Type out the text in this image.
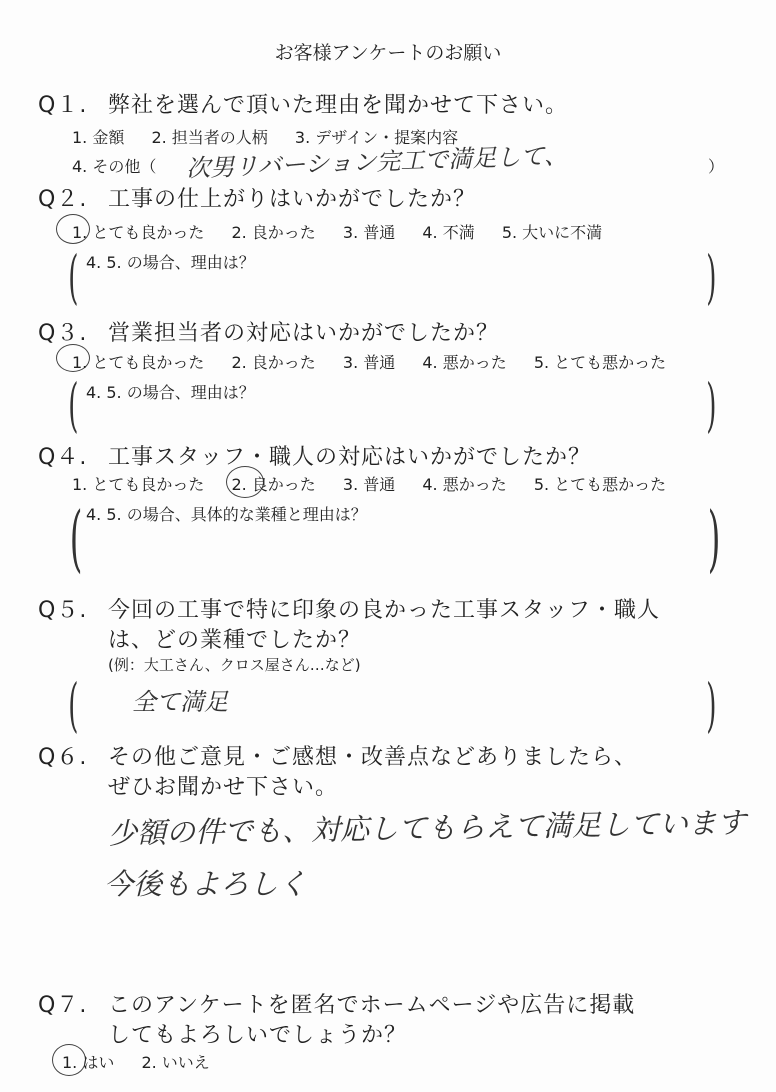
お客様アンケートのお願い
Q１. 弊社を選んで頂いた理由を聞かせて下さい。
1. 金額 2. 担当者の人柄 3. デザイン・提案内容
4. その他（ 次男リバーション完工で満足して、	）
Q２. 工事の仕上がりはいかがでしたか？
1. とても良かった 2. 良かった 3. 普通 4. 不満 5. 大いに不満
( 4. 5. の場合、理由は？	)
Q３. 営業担当者の対応はいかがでしたか？
1. とても良かった 2. 良かった 3. 普通 4. 悪かった 5. とても悪かった
( 4. 5. の場合、理由は？	)
Q４. 工事スタッフ・職人の対応はいかがでしたか？
1. とても良かった 2. 良かった 3. 普通 4. 悪かった 5. とても悪かった
( 4. 5. の場合、具体的な業種と理由は？	)
Q５. 今回の工事で特に印象の良かった工事スタッフ・職人
は、どの業種でしたか？
(例：大工さん、クロス屋さん…など)
( 全て満足	)
Q６. その他ご意見・ご感想・改善点などありましたら、
ぜひお聞かせ下さい。
少額の件でも、対応してもらえて満足しています
今後もよろしく
Q７. このアンケートを匿名でホームページや広告に掲載
してもよろしいでしょうか？
1. はい 2. いいえ
